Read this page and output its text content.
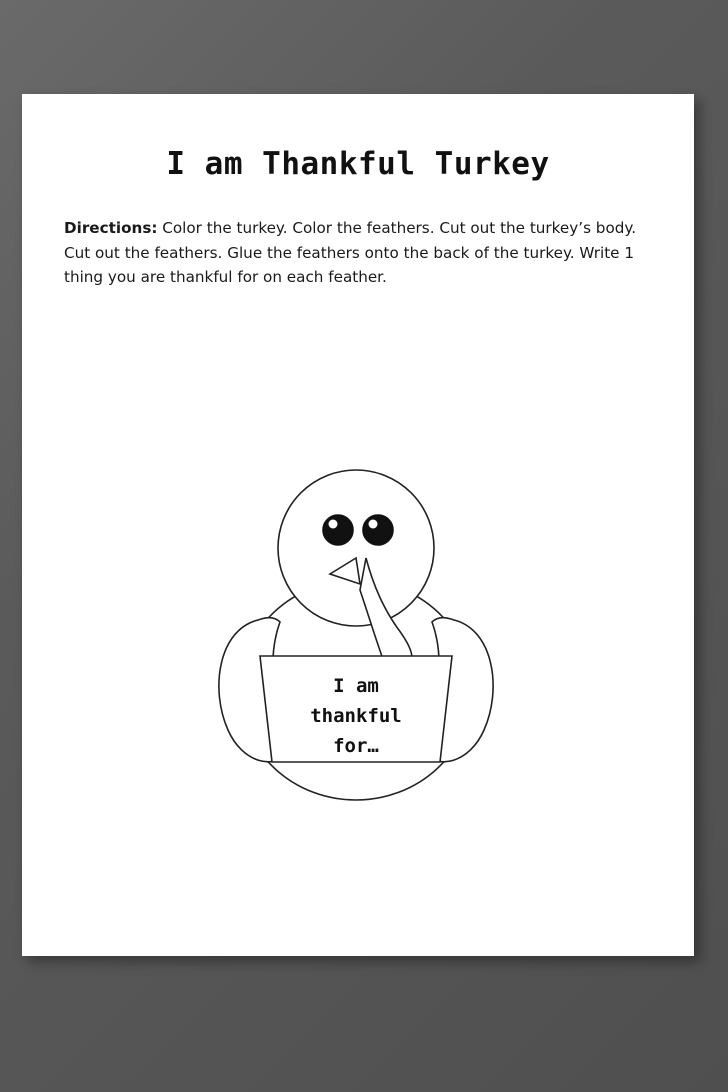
I am Thankful Turkey

Directions: Color the turkey. Color the feathers. Cut out the turkey’s body. Cut out the feathers. Glue the feathers onto the back of the turkey. Write 1 thing you are thankful for on each feather.

I am
thankful
for…
